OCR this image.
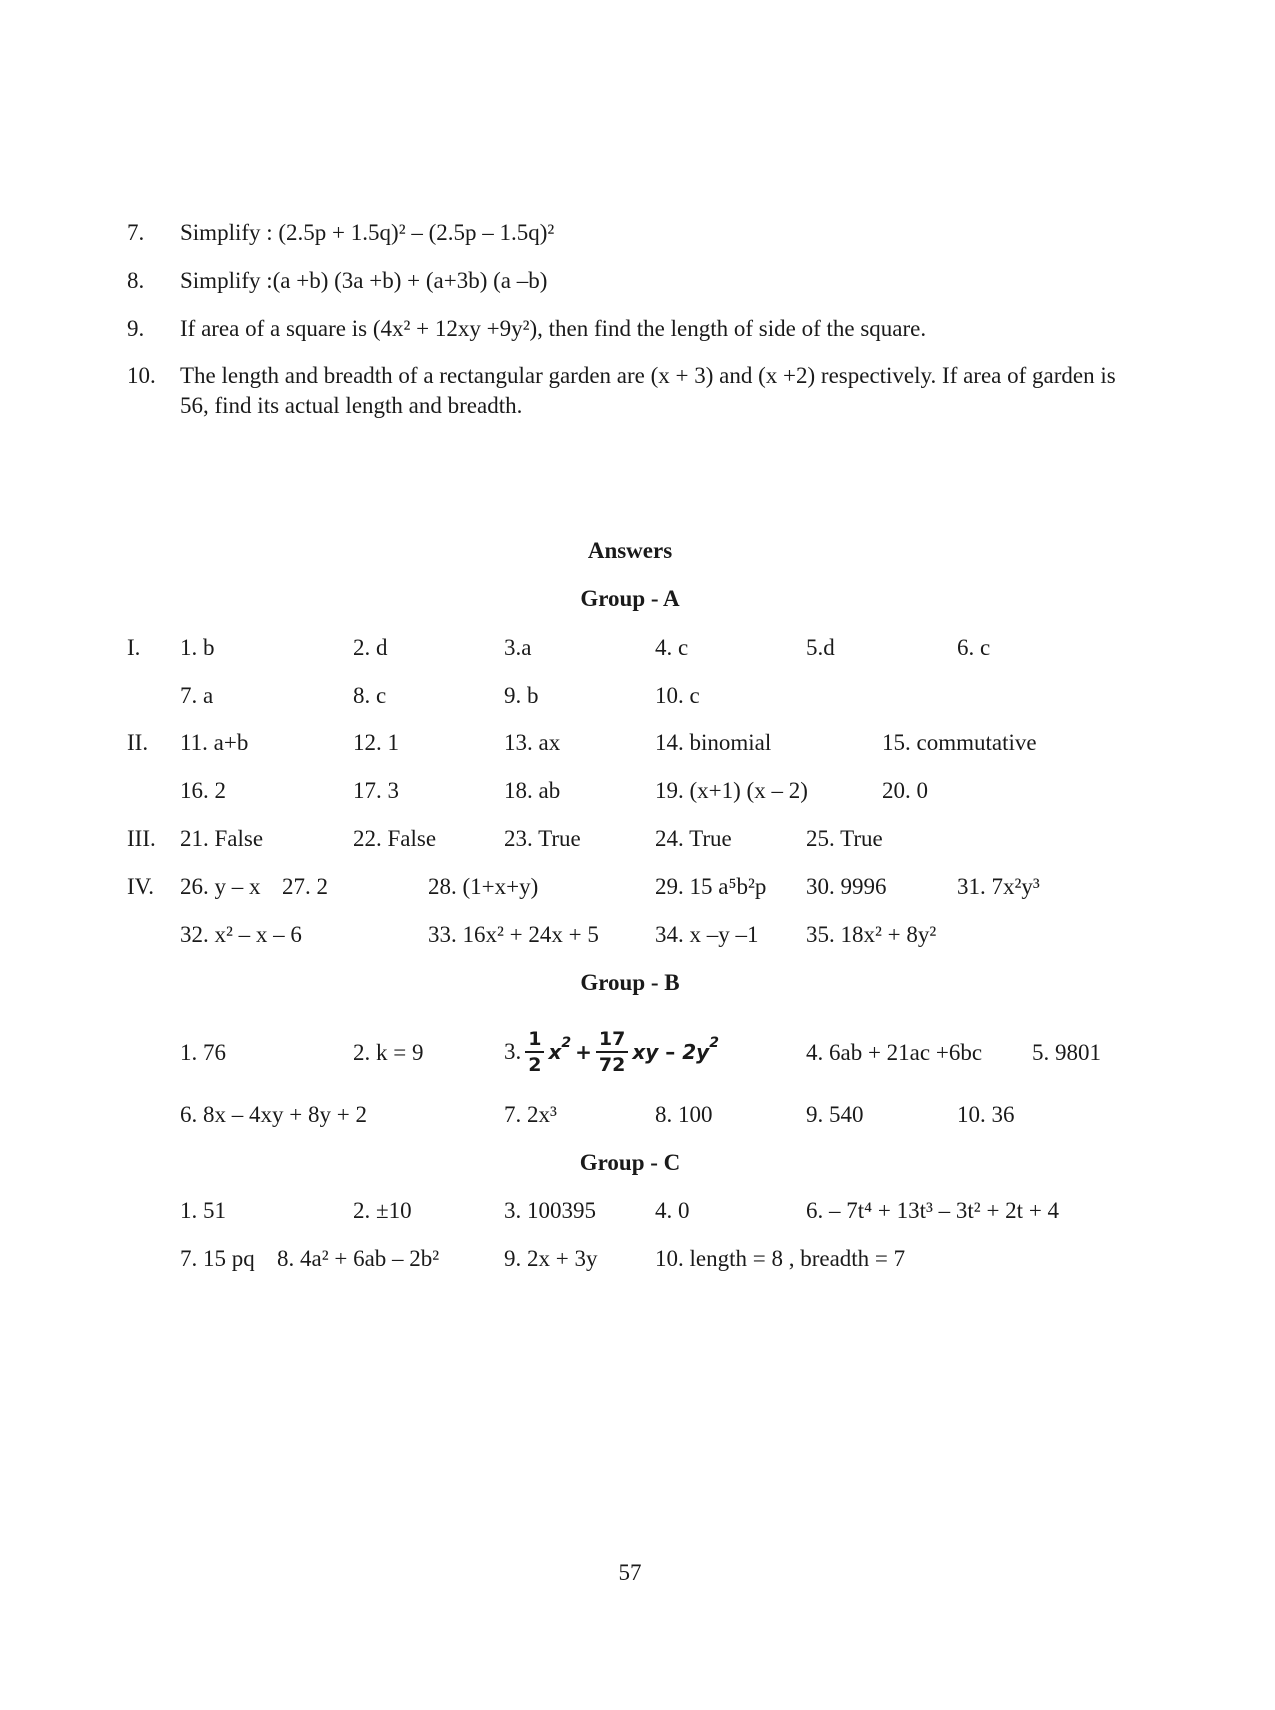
7. Simplify : (2.5p + 1.5q)² – (2.5p – 1.5q)²
8. Simplify :(a +b) (3a +b) + (a+3b) (a –b)
9. If area of a square is (4x² + 12xy +9y²), then find the length of side of the square.
10. The length and breadth of a rectangular garden are (x + 3) and (x +2) respectively. If area of garden is 56, find its actual length and breadth.
Answers
Group - A
I. 1. b	2. d	3.a	4. c	5.d	6. c
7. a	8. c	9. b	10. c
II. 11. a+b	12. 1	13. ax	14. binomial	15. commutative
16. 2	17. 3	18. ab	19. (x+1) (x – 2)	20. 0
III. 21. False	22. False	23. True	24. True	25. True
IV. 26. y – x 27. 2	28. (1+x+y)	29. 15 a⁵b²p 30. 9996	31. 7x²y³
32. x² – x – 6	33. 16x² + 24x + 5 34. x –y –1 35. 18x² + 8y²
Group - B
1. 76	2. k = 9	3. $\frac{1}{2} x^2 + \frac{17}{72}$ xy – $2y^2$	4. 6ab + 21ac +6bc 5. 9801
6. 8x – 4xy + 8y + 2	7. 2x³	8. 100	9. 540	10. 36
Group - C
1. 51	2. ±10	3. 100395	4. 0	6. – 7t⁴ + 13t³ – 3t² + 2t + 4
7. 15 pq 8. 4a² + 6ab – 2b²	9. 2x + 3y	10. length = 8 , breadth = 7
57
